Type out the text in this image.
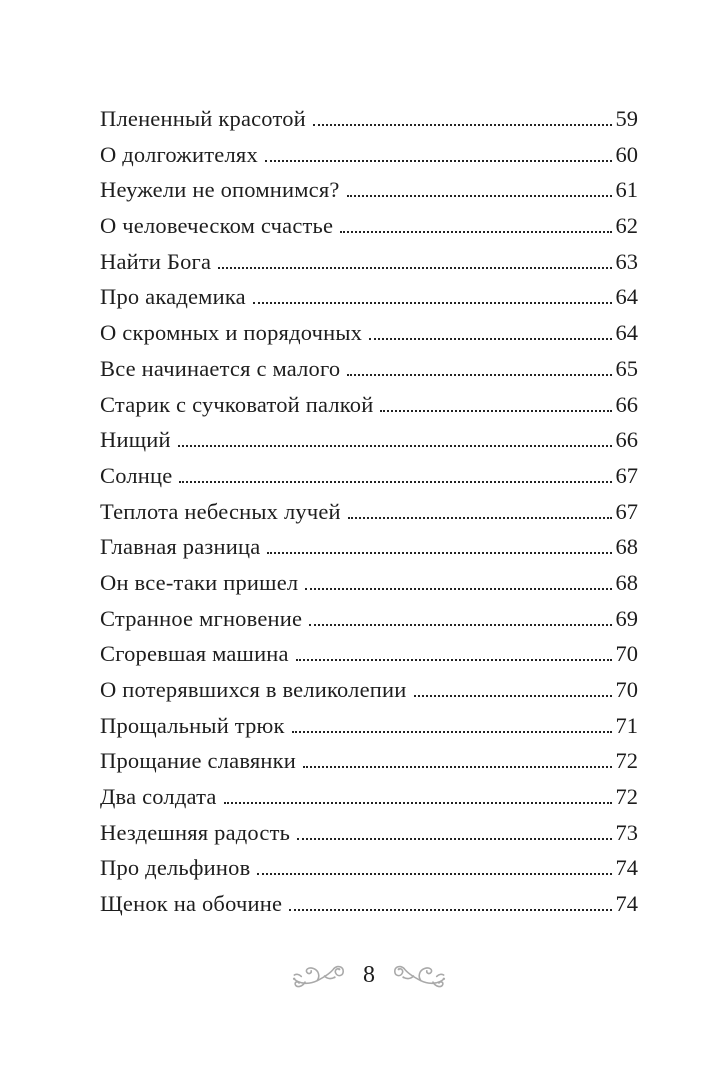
Плененный красотой	59
О долгожителях	60
Неужели не опомнимся?	61
О человеческом счастье	62
Найти Бога	63
Про академика	64
О скромных и порядочных	64
Все начинается с малого	65
Старик с сучковатой палкой	66
Нищий	66
Солнце	67
Теплота небесных лучей	67
Главная разница	68
Он все-таки пришел	68
Странное мгновение	69
Сгоревшая машина	70
О потерявшихся в великолепии	70
Прощальный трюк	71
Прощание славянки	72
Два солдата	72
Нездешняя радость	73
Про дельфинов	74
Щенок на обочине	74
8
